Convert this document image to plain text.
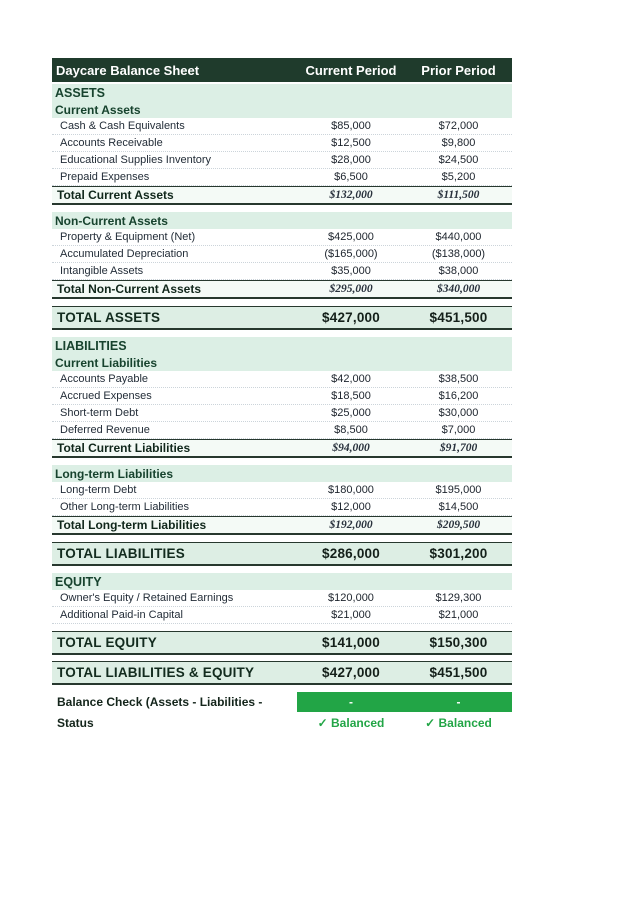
Daycare Balance Sheet	Current Period	Prior Period
ASSETS
Current Assets
Cash & Cash Equivalents	$85,000	$72,000
Accounts Receivable	$12,500	$9,800
Educational Supplies Inventory	$28,000	$24,500
Prepaid Expenses	$6,500	$5,200
Total Current Assets	$132,000	$111,500
Non-Current Assets
Property & Equipment (Net)	$425,000	$440,000
Accumulated Depreciation	($165,000)	($138,000)
Intangible Assets	$35,000	$38,000
Total Non-Current Assets	$295,000	$340,000
TOTAL ASSETS	$427,000	$451,500
LIABILITIES
Current Liabilities
Accounts Payable	$42,000	$38,500
Accrued Expenses	$18,500	$16,200
Short-term Debt	$25,000	$30,000
Deferred Revenue	$8,500	$7,000
Total Current Liabilities	$94,000	$91,700
Long-term Liabilities
Long-term Debt	$180,000	$195,000
Other Long-term Liabilities	$12,000	$14,500
Total Long-term Liabilities	$192,000	$209,500
TOTAL LIABILITIES	$286,000	$301,200
EQUITY
Owner's Equity / Retained Earnings	$120,000	$129,300
Additional Paid-in Capital	$21,000	$21,000
TOTAL EQUITY	$141,000	$150,300
TOTAL LIABILITIES & EQUITY	$427,000	$451,500
Balance Check (Assets - Liabilities -	-	-
Status	✓ Balanced	✓ Balanced
